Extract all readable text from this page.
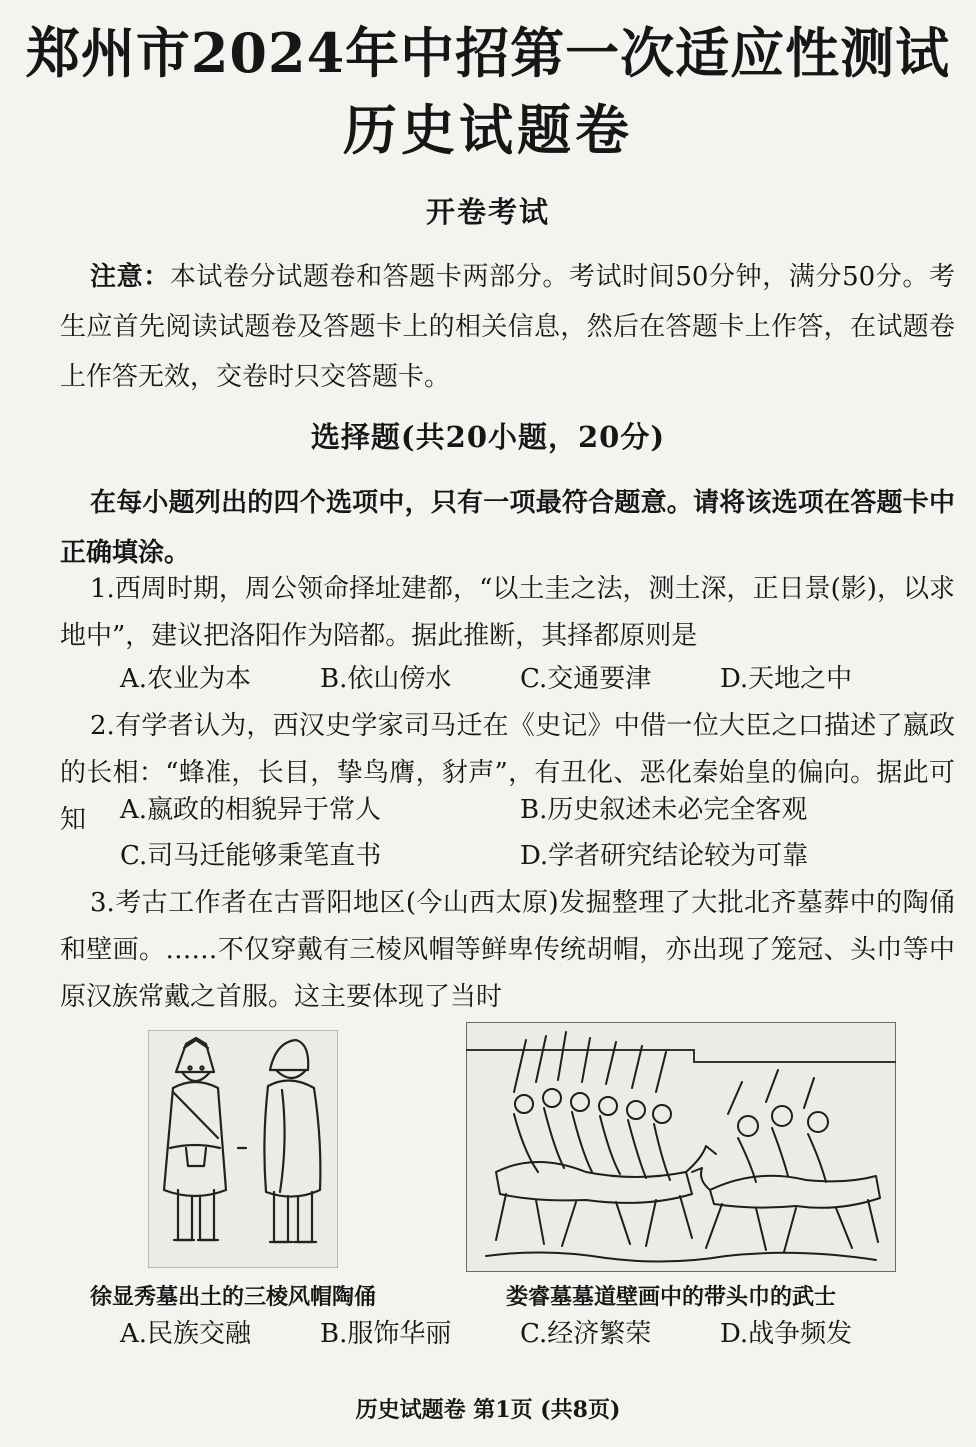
郑州市2024年中招第一次适应性测试
历史试题卷
开卷考试
注意：本试卷分试题卷和答题卡两部分。考试时间50分钟，满分50分。考生应首先阅读试题卷及答题卡上的相关信息，然后在答题卡上作答，在试题卷上作答无效，交卷时只交答题卡。
选择题(共20小题，20分)
在每小题列出的四个选项中，只有一项最符合题意。请将该选项在答题卡中正确填涂。
1.西周时期，周公领命择址建都，“以土圭之法，测土深，正日景(影)，以求地中”，建议把洛阳作为陪都。据此推断，其择都原则是
A.农业为本	B.依山傍水	C.交通要津	D.天地之中
2.有学者认为，西汉史学家司马迁在《史记》中借一位大臣之口描述了嬴政的长相：“蜂准，长目，挚鸟膺，豺声”，有丑化、恶化秦始皇的偏向。据此可知	A.嬴政的相貌异于常人	B.历史叙述未必完全客观
C.司马迁能够秉笔直书	D.学者研究结论较为可靠
3.考古工作者在古晋阳地区(今山西太原)发掘整理了大批北齐墓葬中的陶俑和壁画。……不仅穿戴有三棱风帽等鲜卑传统胡帽，亦出现了笼冠、头巾等中原汉族常戴之首服。这主要体现了当时
徐显秀墓出土的三棱风帽陶俑	娄睿墓墓道壁画中的带头巾的武士
A.民族交融	B.服饰华丽	C.经济繁荣	D.战争频发
历史试题卷 第1页 (共8页)
